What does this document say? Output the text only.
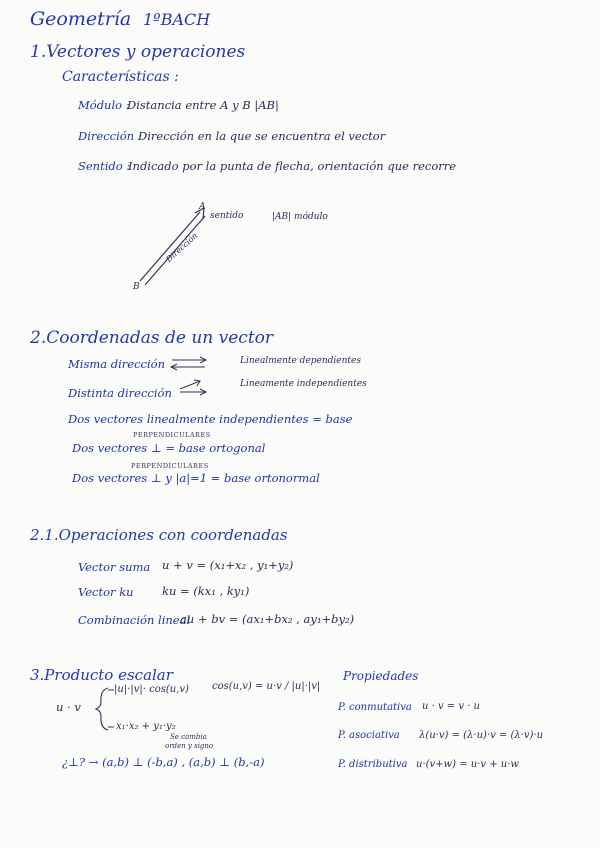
Geometría 1ºBACH
1.Vectores y operaciones
Características :
Módulo :
Distancia entre A y B |AB|
Dirección :
Dirección en la que se encuentra el vector
Sentido :
Indicado por la punta de flecha, orientación que recorre
A
B
sentido	|AB| módulo
Dirección
2.Coordenadas de un vector
Misma dirección	Linealmente dependientes
Distinta dirección
Lineamente independientes
Dos vectores linealmente independientes = base
PERPENDICULARES
Dos vectores ⊥ = base ortogonal
PERPENDICULARES
Dos vectores ⊥ y |a|=1 = base ortonormal
2.1.Operaciones con coordenadas
Vector suma u + v = (x₁+x₂ , y₁+y₂)
Vector ku ku = (kx₁ , ky₁)
Combinación lineal
au + bv = (ax₁+bx₂ , ay₁+by₂)
3.Producto escalar
u · v
|u|·|v|· cos(u,v) cos(u,v) = u·v / |u|·|v|
x₁·x₂ + y₁·y₂
Se cambia
orden y signo
¿⊥? → (a,b) ⊥ (-b,a) , (a,b) ⊥ (b,-a)
Propiedades
P. conmutativa u · v = v · u
P. asociativa λ(u·v) = (λ·u)·v = (λ·v)·u
P. distributiva u·(v+w) = u·v + u·w
